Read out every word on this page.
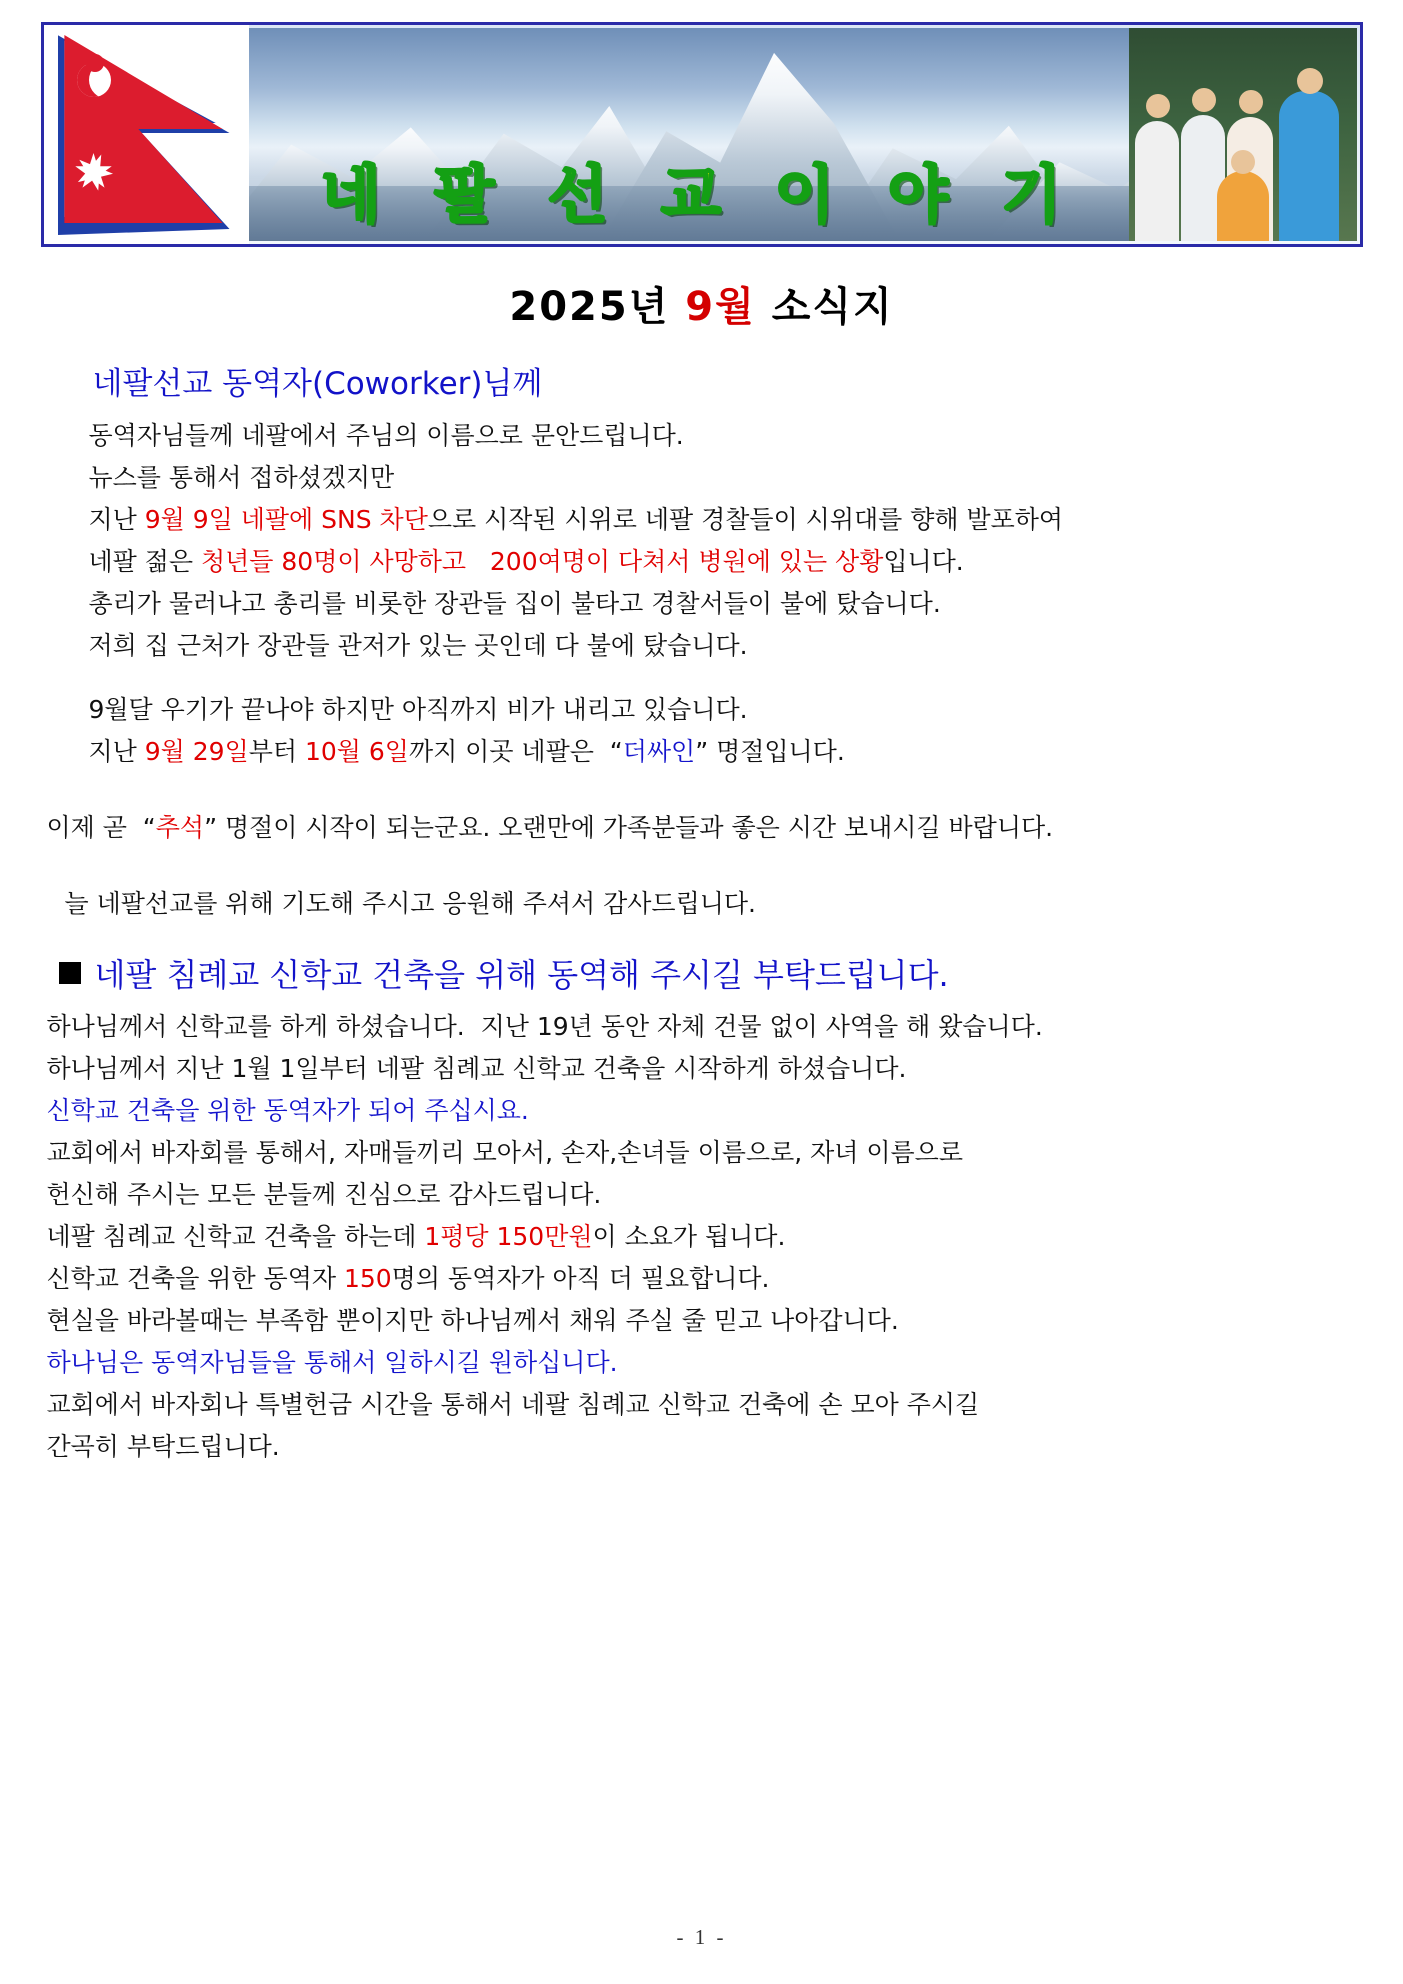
네 팔 선 교 이 야 기
2025년 9월 소식지
네팔선교 동역자(Coworker)님께

동역자님들께 네팔에서 주님의 이름으로 문안드립니다.

뉴스를 통해서 접하셨겠지만

지난 9월 9일 네팔에 SNS 차단으로 시작된 시위로 네팔 경찰들이 시위대를 향해 발포하여

네팔 젊은 청년들 80명이 사망하고   200여명이 다쳐서 병원에 있는 상황입니다.

총리가 물러나고 총리를 비롯한 장관들 집이 불타고 경찰서들이 불에 탔습니다.

저희 집 근처가 장관들 관저가 있는 곳인데 다 불에 탔습니다.

9월달 우기가 끝나야 하지만 아직까지 비가 내리고 있습니다.

지난 9월 29일부터 10월 6일까지 이곳 네팔은  “더싸인” 명절입니다.

이제 곧  “추석” 명절이 시작이 되는군요. 오랜만에 가족분들과 좋은 시간 보내시길 바랍니다.

늘 네팔선교를 위해 기도해 주시고 응원해 주셔서 감사드립니다.

네팔 침례교 신학교 건축을 위해 동역해 주시길 부탁드립니다.

하나님께서 신학교를 하게 하셨습니다.  지난 19년 동안 자체 건물 없이 사역을 해 왔습니다.

하나님께서 지난 1월 1일부터 네팔 침례교 신학교 건축을 시작하게 하셨습니다.

신학교 건축을 위한 동역자가 되어 주십시요.

교회에서 바자회를 통해서, 자매들끼리 모아서, 손자,손녀들 이름으로, 자녀 이름으로

헌신해 주시는 모든 분들께 진심으로 감사드립니다.

네팔 침례교 신학교 건축을 하는데 1평당 150만원이 소요가 됩니다.

신학교 건축을 위한 동역자 150명의 동역자가 아직 더 필요합니다.

현실을 바라볼때는 부족함 뿐이지만 하나님께서 채워 주실 줄 믿고 나아갑니다.

하나님은 동역자님들을 통해서 일하시길 원하십니다.

교회에서 바자회나 특별헌금 시간을 통해서 네팔 침례교 신학교 건축에 손 모아 주시길

간곡히 부탁드립니다.

- 1 -
